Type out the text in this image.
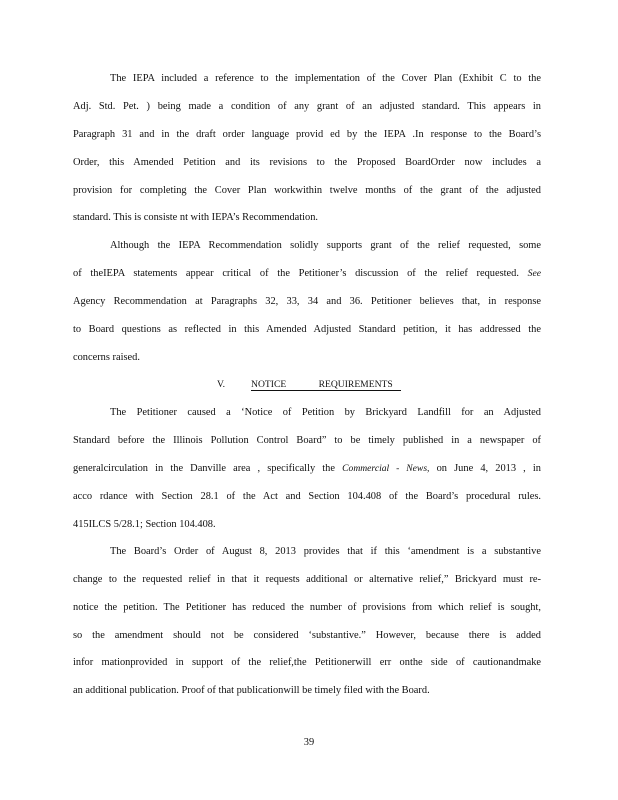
The IEPA included a reference to the implementation of the Cover Plan (Exhibit C to the
Adj. Std. Pet. ) being made a condition of any grant of an adjusted standard. This appears in
Paragraph 31 and in the draft order language provid ed by the IEPA .In response to the Board’s
Order, this Amended Petition and its revisions to the Proposed BoardOrder now includes a
provision for completing the Cover Plan workwithin twelve months of the grant of the adjusted
standard. This is consiste nt with IEPA’s Recommendation.
Although the IEPA Recommendation solidly supports grant of the relief requested, some
of theIEPA statements appear critical of the Petitioner’s discussion of the relief requested. See
Agency Recommendation at Paragraphs 32, 33, 34 and 36. Petitioner believes that, in response
to Board questions as reflected in this Amended Adjusted Standard petition, it has addressed the
concerns raised.
V.	NOTICE REQUIREMENTS
The Petitioner caused a ‘Notice of Petition by Brickyard Landfill for an Adjusted
Standard before the Illinois Pollution Control Board” to be timely published in a newspaper of
generalcirculation in the Danville area , specifically the Commercial - News, on June 4, 2013 , in
acco rdance with Section 28.1 of the Act and Section 104.408 of the Board’s procedural rules.
415ILCS 5/28.1; Section 104.408.
The Board’s Order of August 8, 2013 provides that if this ‘amendment is a substantive
change to the requested relief in that it requests additional or alternative relief,” Brickyard must re-
notice the petition. The Petitioner has reduced the number of provisions from which relief is sought,
so the amendment should not be considered ‘substantive.” However, because there is added
infor mationprovided in support of the relief,the Petitionerwill err onthe side of cautionandmake
an additional publication. Proof of that publicationwill be timely filed with the Board.
39
